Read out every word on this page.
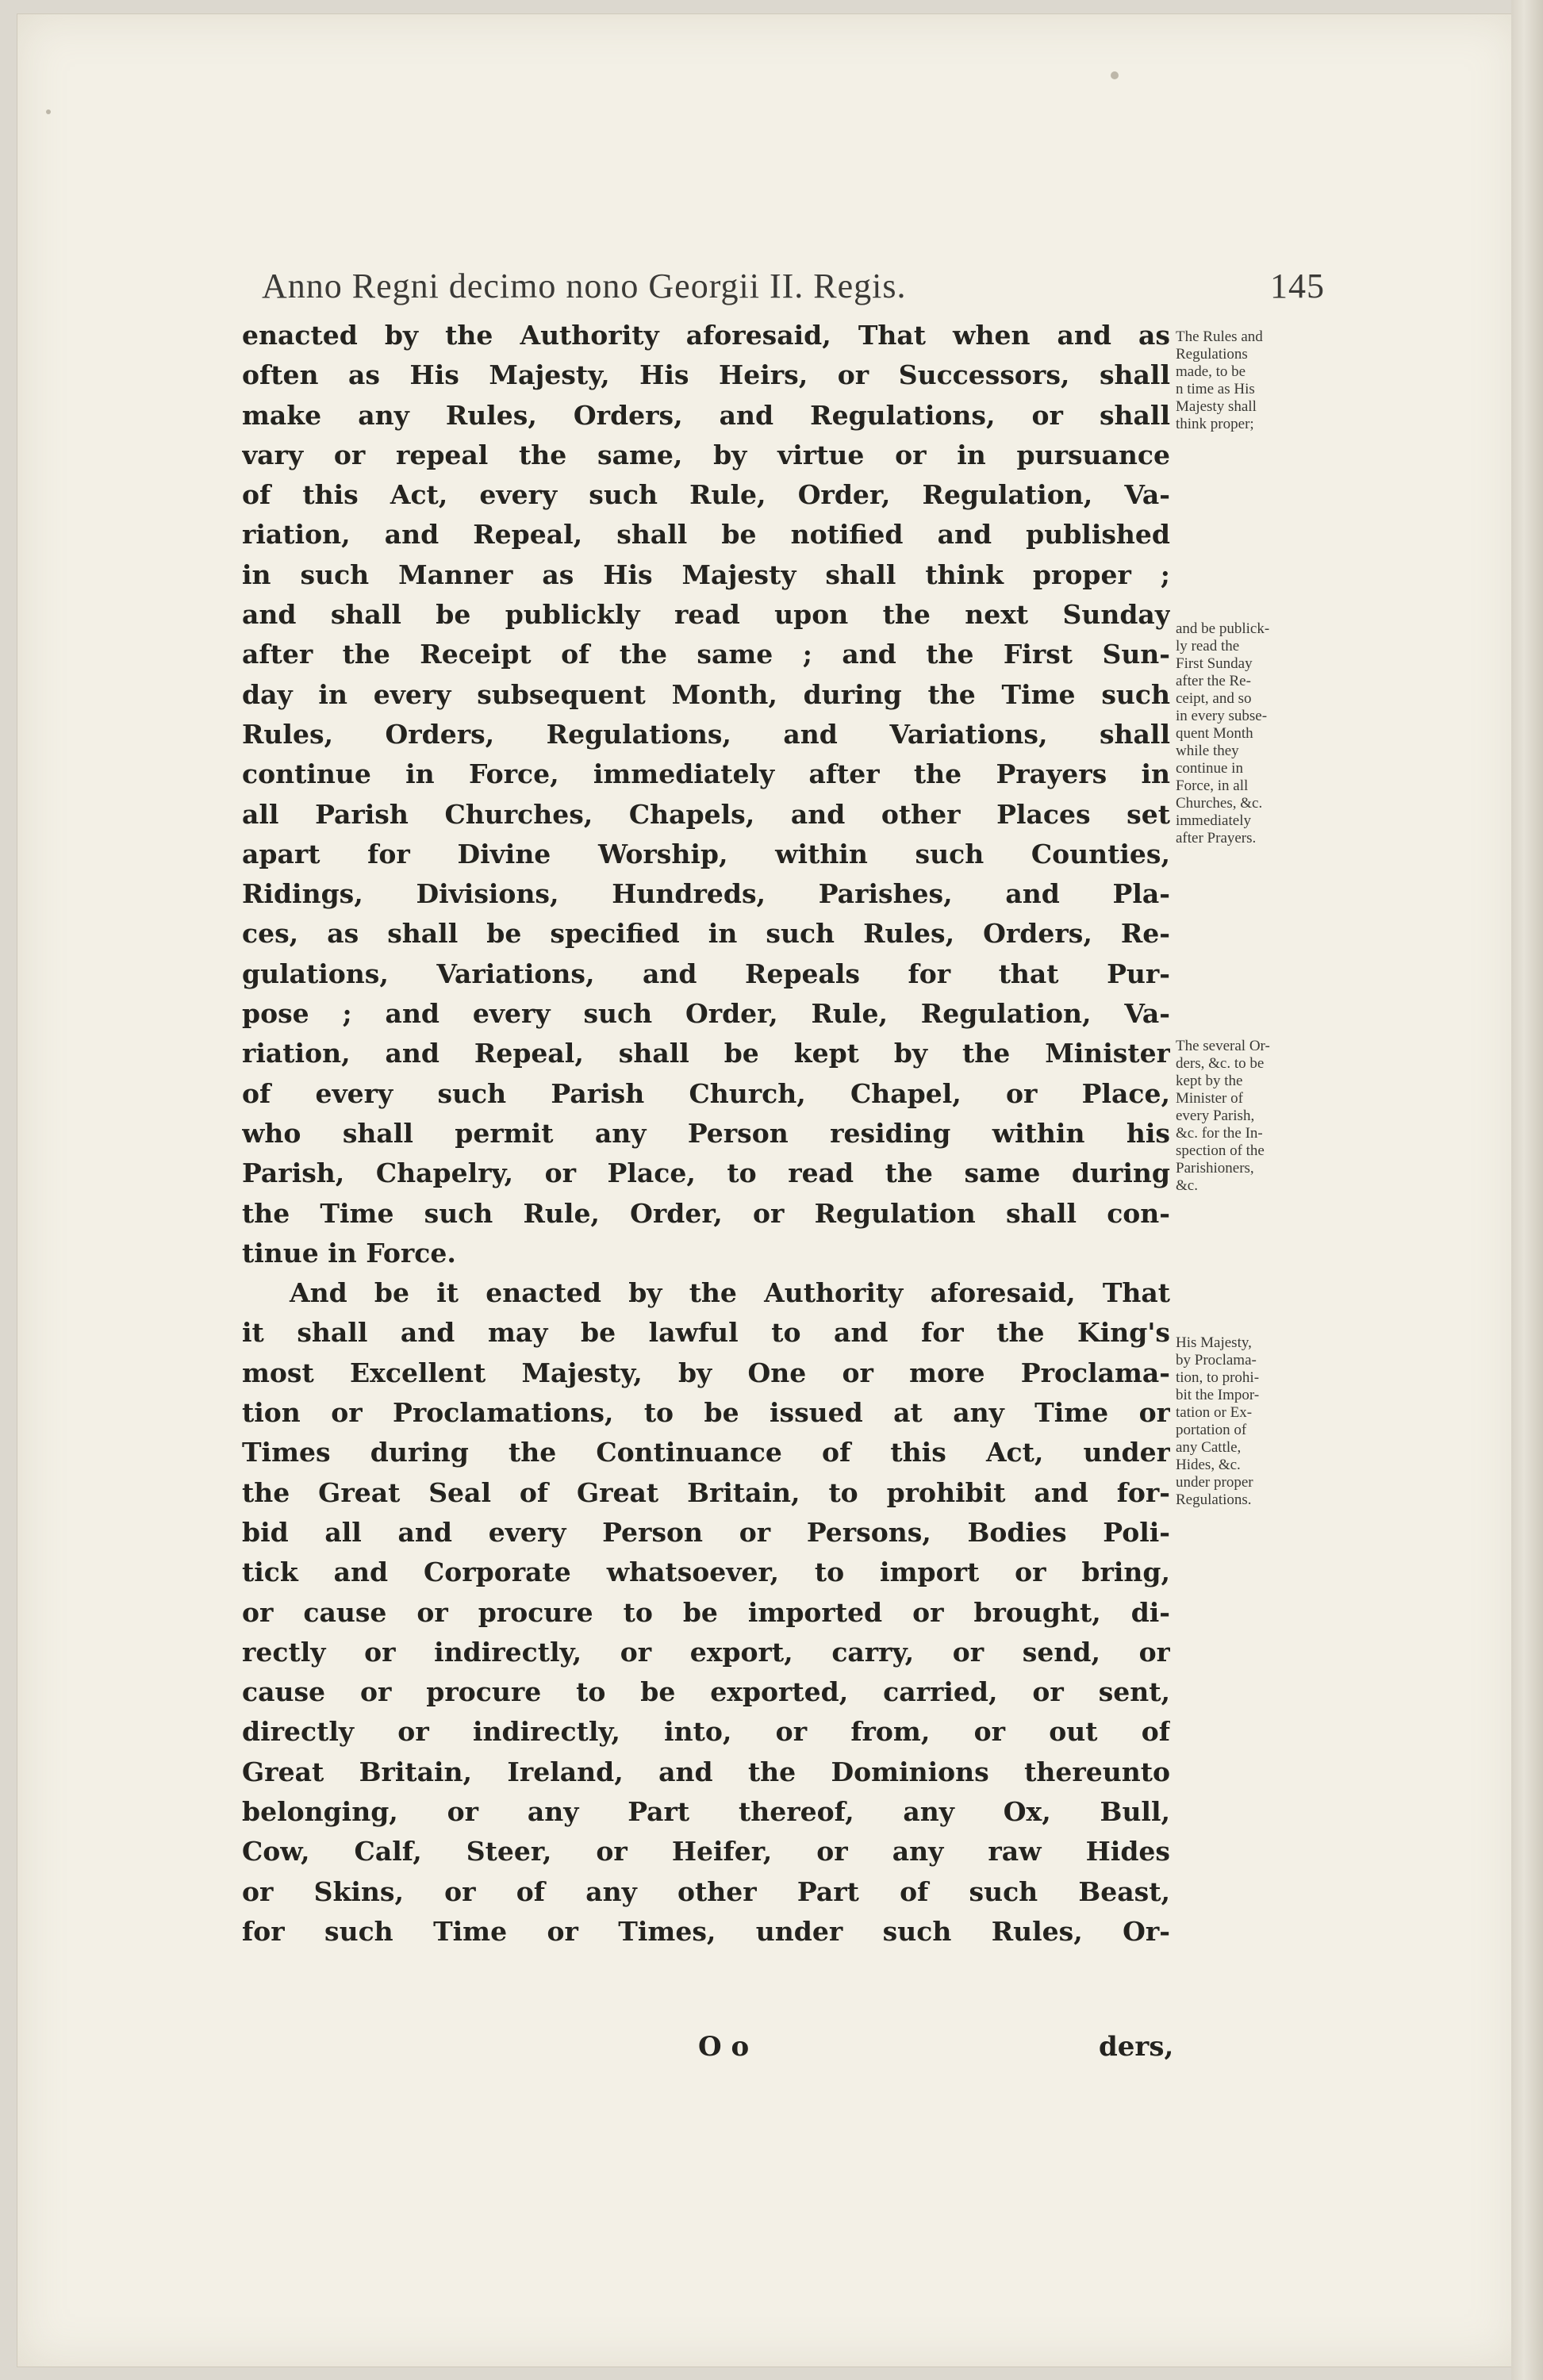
Anno Regni decimo nono Georgii II. Regis.	145
enacted by the Authority aforesaid, That when and as
often as His Majesty, His Heirs, or Successors, shall
make any Rules, Orders, and Regulations, or shall
vary or repeal the same, by virtue or in pursuance
of this Act, every such Rule, Order, Regulation, Va-
riation, and Repeal, shall be notified and published
in such Manner as His Majesty shall think proper ;
and shall be publickly read upon the next Sunday
after the Receipt of the same ; and the First Sun-
day in every subsequent Month, during the Time such
Rules, Orders, Regulations, and Variations, shall
continue in Force, immediately after the Prayers in
all Parish Churches, Chapels, and other Places set
apart for Divine Worship, within such Counties,
Ridings, Divisions, Hundreds, Parishes, and Pla-
ces, as shall be specified in such Rules, Orders, Re-
gulations, Variations, and Repeals for that Pur-
pose ; and every such Order, Rule, Regulation, Va-
riation, and Repeal, shall be kept by the Minister
of every such Parish Church, Chapel, or Place,
who shall permit any Person residing within his
Parish, Chapelry, or Place, to read the same during
the Time such Rule, Order, or Regulation shall con-
tinue in Force.
And be it enacted by the Authority aforesaid, That
it shall and may be lawful to and for the King's
most Excellent Majesty, by One or more Proclama-
tion or Proclamations, to be issued at any Time or
Times during the Continuance of this Act, under
the Great Seal of Great Britain, to prohibit and for-
bid all and every Person or Persons, Bodies Poli-
tick and Corporate whatsoever, to import or bring,
or cause or procure to be imported or brought, di-
rectly or indirectly, or export, carry, or send, or
cause or procure to be exported, carried, or sent,
directly or indirectly, into, or from, or out of
Great Britain, Ireland, and the Dominions thereunto
belonging, or any Part thereof, any Ox, Bull,
Cow, Calf, Steer, or Heifer, or any raw Hides
or Skins, or of any other Part of such Beast,
for such Time or Times, under such Rules, Or-
O o	ders,
The Rules and
Regulations
made, to be
n time as His
Majesty shall
think proper;
and be publick-
ly read the
First Sunday
after the Re-
ceipt, and so
in every subse-
quent Month
while they
continue in
Force, in all
Churches, &c.
immediately
after Prayers.
The several Or-
ders, &c. to be
kept by the
Minister of
every Parish,
&c. for the In-
spection of the
Parishioners,
&c.
His Majesty,
by Proclama-
tion, to prohi-
bit the Impor-
tation or Ex-
portation of
any Cattle,
Hides, &c.
under proper
Regulations.
